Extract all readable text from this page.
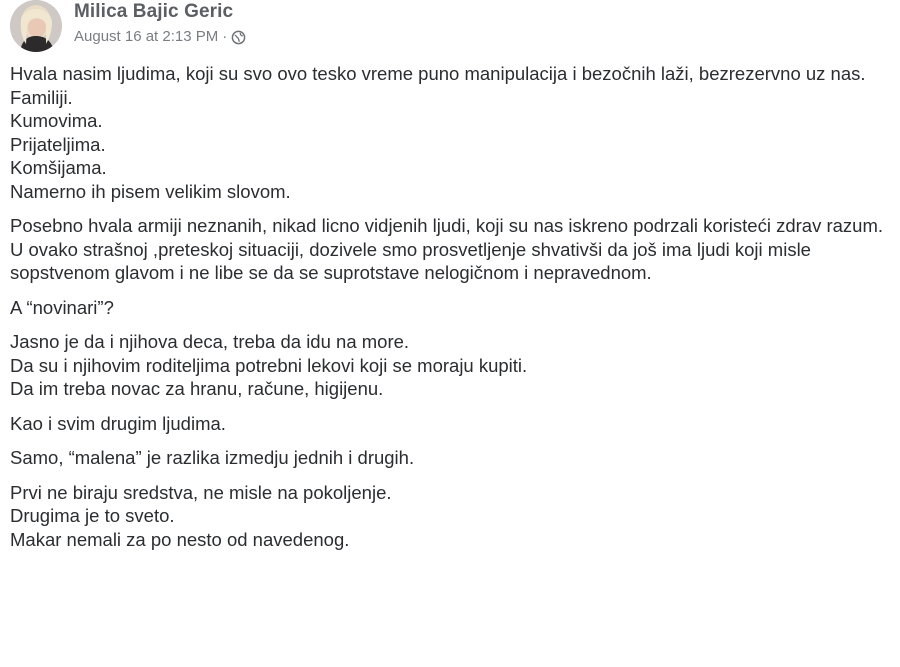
Milica Bajic Geric
August 16 at 2:13 PM ·
Hvala nasim ljudima, koji su svo ovo tesko vreme puno manipulacija i bezočnih laži, bezrezervno uz nas.
Familiji.
Kumovima.
Prijateljima.
Komšijama.
Namerno ih pisem velikim slovom.
Posebno hvala armiji neznanih, nikad licno vidjenih ljudi, koji su nas iskreno podrzali koristeći zdrav razum.
U ovako strašnoj ,preteskoj situaciji, dozivele smo prosvetljenje shvativši da još ima ljudi koji misle sopstvenom glavom i ne libe se da se suprotstave nelogičnom i nepravednom.
A “novinari”?
Jasno je da i njihova deca, treba da idu na more.
Da su i njihovim roditeljima potrebni lekovi koji se moraju kupiti.
Da im treba novac za hranu, račune, higijenu.
Kao i svim drugim ljudima.
Samo, “malena” je razlika izmedju jednih i drugih.
Prvi ne biraju sredstva, ne misle na pokoljenje.
Drugima je to sveto.
Makar nemali za po nesto od navedenog.
